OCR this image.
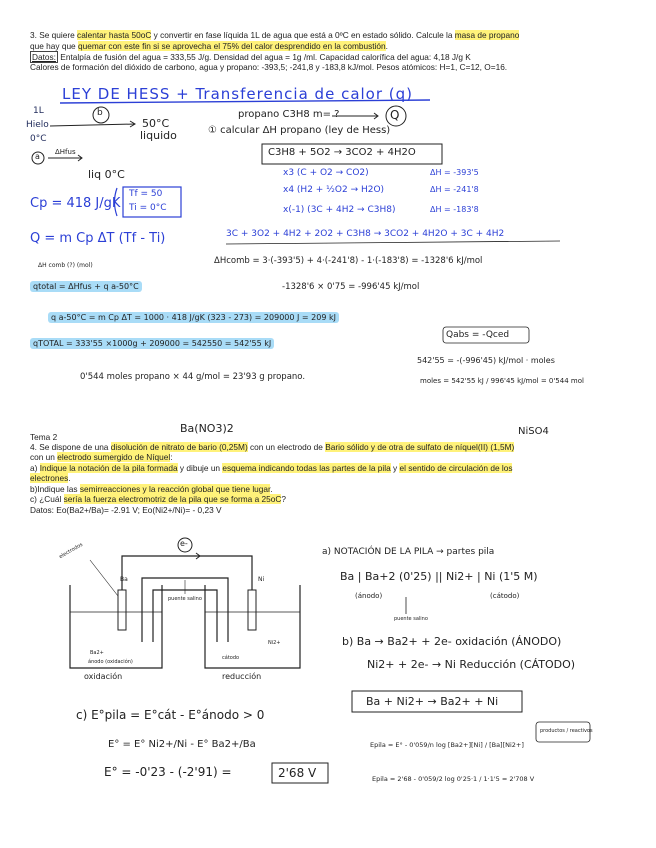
3. Se quiere calentar hasta 50oC y convertir en fase líquida 1L de agua que está a 0ºC en estado sólido. Calcule la masa de propano
que hay que quemar con este fin si se aprovecha el 75% del calor desprendido en la combustión.
Datos: Entalpía de fusión del agua = 333,55 J/g. Densidad del agua = 1g /ml. Capacidad calorífica del agua: 4,18 J/g K
Calores de formación del dióxido de carbono, agua y propano: -393,5; -241,8 y -183,8 kJ/mol. Pesos atómicos: H=1, C=12, O=16.
LEY DE HESS + Transferencia de calor (q)
1L
Hielo
0°C
b
50°C
liquido
a ΔHfus
liq 0°C
propano C3H8 m= ?	Q
① calcular ΔH propano (ley de Hess)
C3H8 + 5O2 → 3CO2 + 4H2O
x3 (C + O2 → CO2)	ΔH = -393'5
x4 (H2 + ½O2 → H2O)	ΔH = -241'8
x(-1) (3C + 4H2 → C3H8)	ΔH = -183'8
3C + 3O2 + 4H2 + 2O2 + C3H8 → 3CO2 + 4H2O + 3C + 4H2
Cp = 418 J/gK
Tf = 50
Ti = 0°C
Q = m Cp ΔT (Tf - Ti)
ΔH comb (?) (mol)	ΔHcomb = 3·(-393'5) + 4·(-241'8) - 1·(-183'8) = -1328'6 kJ/mol
qtotal = ΔHfus + q a-50°C	-1328'6 × 0'75 = -996'45 kJ/mol
q a-50°C = m Cp ΔT = 1000 · 418 J/gK (323 - 273) = 209000 J = 209 kJ
Qabs = -Qced
qTOTAL = 333'55 ×1000g + 209000 = 542550 = 542'55 kJ
542'55 = -(-996'45) kJ/mol · moles
moles = 542'55 kJ / 996'45 kJ/mol = 0'544 mol
0'544 moles propano × 44 g/mol = 23'93 g propano.
Ba(NO3)2	NiSO4
Tema 2
4. Se dispone de una disolución de nitrato de bario (0,25M) con un electrodo de Bario sólido y de otra de sulfato de níquel(II) (1,5M)
con un electrodo sumergido de Níquel:
a) Indique la notación de la pila formada y dibuje un esquema indicando todas las partes de la pila y el sentido de circulación de los
electrones.
b)Indique las semirreacciones y la reacción global que tiene lugar.
c) ¿Cuál sería la fuerza electromotriz de la pila que se forma a 25oC?
Datos: Eo(Ba2+/Ba)= -2.91 V; Eo(Ni2+/Ni)= - 0,23 V
electrodos	e-
puente salino
Ba	Ni
Ba2+
Ni2+
ánodo (oxidación)
cátodo
oxidación	reducción
a) NOTACIÓN DE LA PILA → partes pila
Ba | Ba+2 (0'25) || Ni2+ | Ni (1'5 M)
(ánodo)
puente salino
(cátodo)
b) Ba → Ba2+ + 2e- oxidación (ÁNODO)
Ni2+ + 2e- → Ni Reducción (CÁTODO)
Ba + Ni2+ → Ba2+ + Ni
c) E°pila = E°cát - E°ánodo > 0
E° = E° Ni2+/Ni - E° Ba2+/Ba
E° = -0'23 - (-2'91) =	2'68 V
Epila = E° - 0'059/n log [Ba2+][Ni] / [Ba][Ni2+]
productos / reactivos
Epila = 2'68 - 0'059/2 log 0'25·1 / 1·1'5 = 2'708 V
